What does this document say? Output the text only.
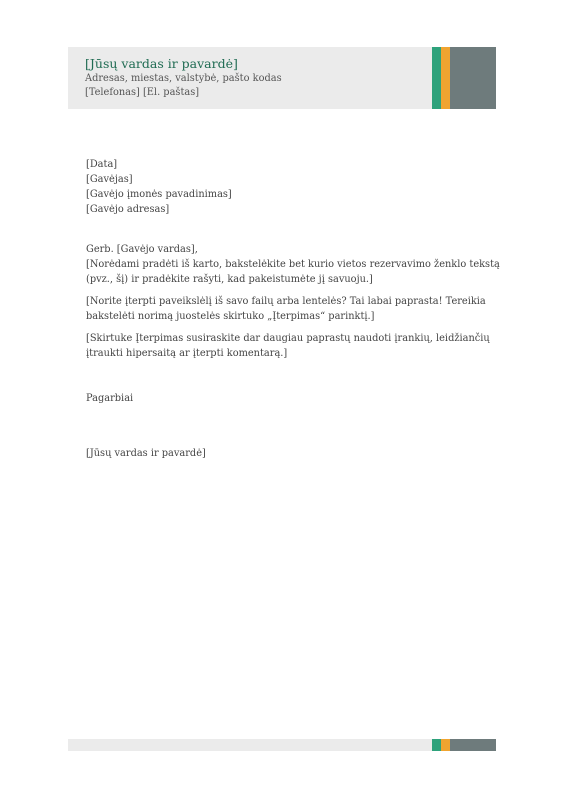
[Jūsų vardas ir pavardė]
Adresas, miestas, valstybė, pašto kodas
[Telefonas] [El. paštas]

[Data]

[Gavėjas]

[Gavėjo įmonės pavadinimas]

[Gavėjo adresas]

Gerb. [Gavėjo vardas],

[Norėdami pradėti iš karto, bakstelėkite bet kurio vietos rezervavimo ženklo tekstą

(pvz., šį) ir pradėkite rašyti, kad pakeistumėte jį savuoju.]

[Norite įterpti paveikslėlį iš savo failų arba lentelės? Tai labai paprasta! Tereikia

bakstelėti norimą juostelės skirtuko „Įterpimas“ parinktį.]

[Skirtuke Įterpimas susiraskite dar daugiau paprastų naudoti įrankių, leidžiančių

įtraukti hipersaitą ar įterpti komentarą.]

Pagarbiai

[Jūsų vardas ir pavardė]
